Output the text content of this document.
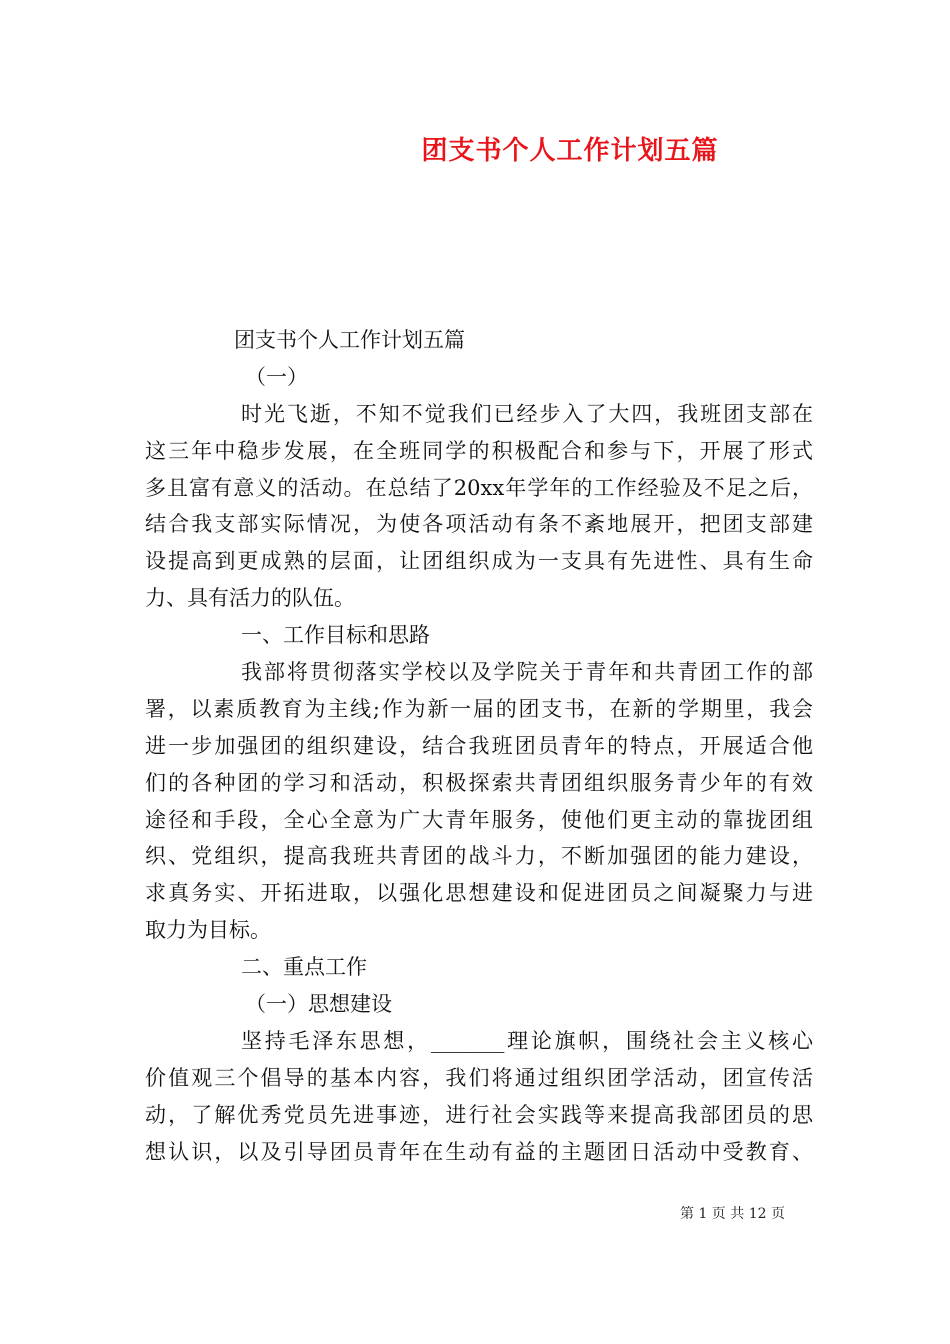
团支书个人工作计划五篇
团支书个人工作计划五篇
（一）
时光飞逝，不知不觉我们已经步入了大四，我班团支部在
这三年中稳步发展，在全班同学的积极配合和参与下，开展了形式
多且富有意义的活动。在总结了20xx年学年的工作经验及不足之后，
结合我支部实际情况，为使各项活动有条不紊地展开，把团支部建
设提高到更成熟的层面，让团组织成为一支具有先进性、具有生命
力、具有活力的队伍。
一、工作目标和思路
我部将贯彻落实学校以及学院关于青年和共青团工作的部
署，以素质教育为主线;作为新一届的团支书，在新的学期里，我会
进一步加强团的组织建设，结合我班团员青年的特点，开展适合他
们的各种团的学习和活动，积极探索共青团组织服务青少年的有效
途径和手段，全心全意为广大青年服务，使他们更主动的靠拢团组
织、党组织，提高我班共青团的战斗力，不断加强团的能力建设，
求真务实、开拓进取，以强化思想建设和促进团员之间凝聚力与进
取力为目标。
二、重点工作
（一）思想建设
坚持毛泽东思想，_______理论旗帜，围绕社会主义核心
价值观三个倡导的基本内容，我们将通过组织团学活动，团宣传活
动，了解优秀党员先进事迹，进行社会实践等来提高我部团员的思
想认识，以及引导团员青年在生动有益的主题团日活动中受教育、
第 1 页 共 12 页
